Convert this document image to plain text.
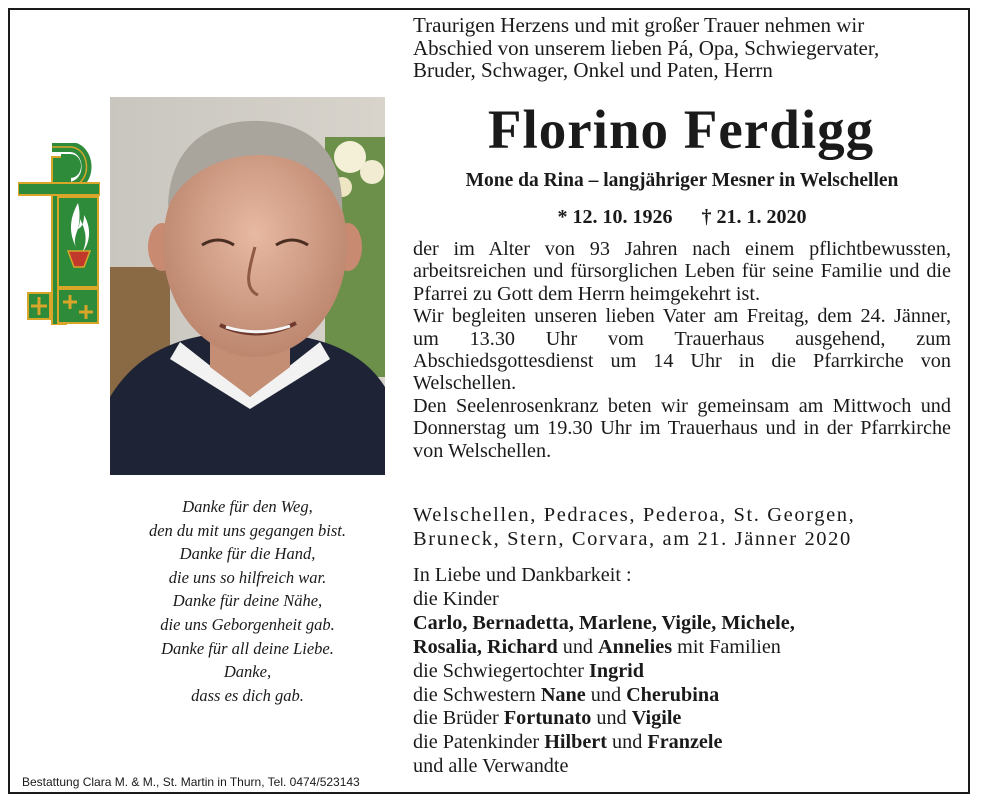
Danke für den Weg,
den du mit uns gegangen bist.
Danke für die Hand,
die uns so hilfreich war.
Danke für deine Nähe,
die uns Geborgenheit gab.
Danke für all deine Liebe.
Danke,
dass es dich gab.
Bestattung Clara M. & M., St. Martin in Thurn, Tel. 0474/523143
Traurigen Herzens und mit großer Trauer nehmen wir
Abschied von unserem lieben Pá, Opa, Schwiegervater,
Bruder, Schwager, Onkel und Paten, Herrn
Florino Ferdigg
Mone da Rina – langjähriger Mesner in Welschellen
* 12. 10. 1926 † 21. 1. 2020

der im Alter von 93 Jahren nach einem pflichtbewussten, arbeitsreichen und fürsorglichen Leben für seine Familie und die Pfarrei zu Gott dem Herrn heimgekehrt ist.

Wir begleiten unseren lieben Vater am Freitag, dem 24. Jänner, um 13.30 Uhr vom Trauerhaus ausgehend, zum Abschiedsgottesdienst um 14 Uhr in die Pfarrkirche von Welschellen.

Den Seelenrosenkranz beten wir gemeinsam am Mittwoch und Donnerstag um 19.30 Uhr im Trauerhaus und in der Pfarrkirche von Welschellen.

Welschellen, Pedraces, Pederoa, St. Georgen,
Bruneck, Stern, Corvara, am 21. Jänner 2020
In Liebe und Dankbarkeit :
die Kinder
Carlo, Bernadetta, Marlene, Vigile, Michele,
Rosalia, Richard und Annelies mit Familien
die Schwiegertochter Ingrid
die Schwestern Nane und Cherubina
die Brüder Fortunato und Vigile
die Patenkinder Hilbert und Franzele
und alle Verwandte
